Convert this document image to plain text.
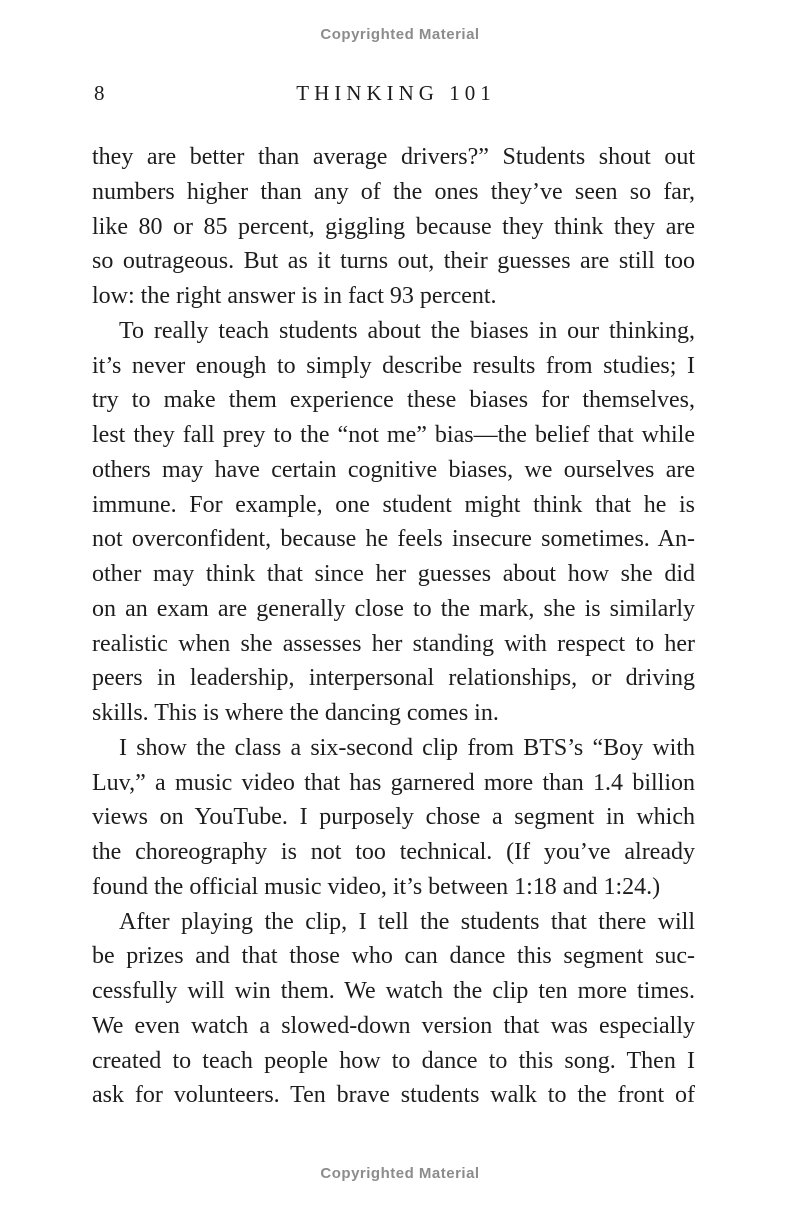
Copyrighted Material
8	THINKING 101
they are better than average drivers?” Students shout out
numbers higher than any of the ones they’ve seen so far,
like 80 or 85 percent, giggling because they think they are
so outrageous. But as it turns out, their guesses are still too
low: the right answer is in fact 93 percent.
To really teach students about the biases in our thinking,
it’s never enough to simply describe results from studies; I
try to make them experience these biases for themselves,
lest they fall prey to the “not me” bias—the belief that while
others may have certain cognitive biases, we ourselves are
immune. For example, one student might think that he is
not overconfident, because he feels insecure sometimes. An-
other may think that since her guesses about how she did
on an exam are generally close to the mark, she is similarly
realistic when she assesses her standing with respect to her
peers in leadership, interpersonal relationships, or driving
skills. This is where the dancing comes in.
I show the class a six-second clip from BTS’s “Boy with
Luv,” a music video that has garnered more than 1.4 billion
views on YouTube. I purposely chose a segment in which
the choreography is not too technical. (If you’ve already
found the official music video, it’s between 1:18 and 1:24.)
After playing the clip, I tell the students that there will
be prizes and that those who can dance this segment suc-
cessfully will win them. We watch the clip ten more times.
We even watch a slowed-down version that was especially
created to teach people how to dance to this song. Then I
ask for volunteers. Ten brave students walk to the front of
Copyrighted Material
